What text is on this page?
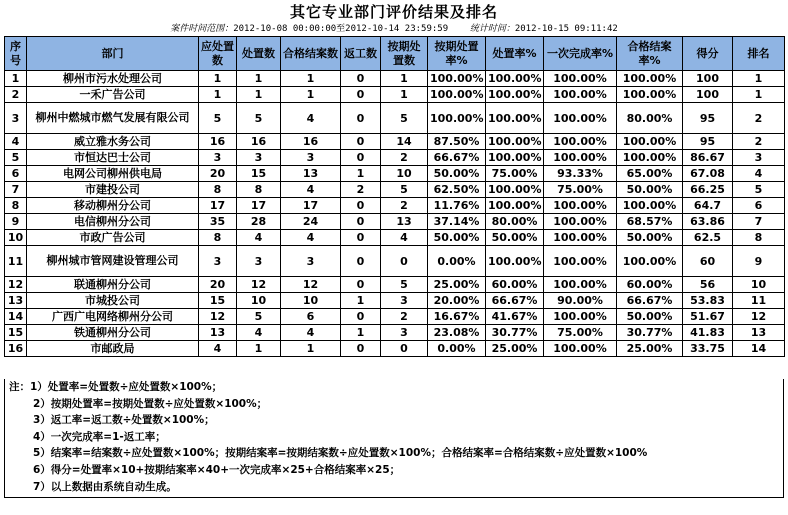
其它专业部门评价结果及排名
案件时间范围：2012-10-08 00:00:00至2012-10-14 23:59:59 统计时间：2012-10-15 09:11:42
序号	部门	应处置数	处置数	合格结案数	返工数	按期处置数	按期处置率%	处置率%	一次完成率%	合格结案率%	得分	排名
1	柳州市污水处理公司	1	1	1	0	1	100.00%	100.00%	100.00%	100.00%	100	1
2	一禾广告公司	1	1	1	0	1	100.00%	100.00%	100.00%	100.00%	100	1
3	柳州中燃城市燃气发展有限公司	5	5	4	0	5	100.00%	100.00%	100.00%	80.00%	95	2
4	威立雅水务公司	16	16	16	0	14	87.50%	100.00%	100.00%	100.00%	95	2
5	市恒达巴士公司	3	3	3	0	2	66.67%	100.00%	100.00%	100.00%	86.67	3
6	电网公司柳州供电局	20	15	13	1	10	50.00%	75.00%	93.33%	65.00%	67.08	4
7	市建投公司	8	8	4	2	5	62.50%	100.00%	75.00%	50.00%	66.25	5
8	移动柳州分公司	17	17	17	0	2	11.76%	100.00%	100.00%	100.00%	64.7	6
9	电信柳州分公司	35	28	24	0	13	37.14%	80.00%	100.00%	68.57%	63.86	7
10	市政广告公司	8	4	4	0	4	50.00%	50.00%	100.00%	50.00%	62.5	8
11	柳州城市管网建设管理公司	3	3	3	0	0	0.00%	100.00%	100.00%	100.00%	60	9
12	联通柳州分公司	20	12	12	0	5	25.00%	60.00%	100.00%	60.00%	56	10
13	市城投公司	15	10	10	1	3	20.00%	66.67%	90.00%	66.67%	53.83	11
14	广西广电网络柳州分公司	12	5	6	0	2	16.67%	41.67%	100.00%	50.00%	51.67	12
15	铁通柳州分公司	13	4	4	1	3	23.08%	30.77%	75.00%	30.77%	41.83	13
16	市邮政局	4	1	1	0	0	0.00%	25.00%	100.00%	25.00%	33.75	14
注：1）处置率=处置数÷应处置数×100%；
2）按期处置率=按期处置数÷应处置数×100%；
3）返工率=返工数÷处置数×100%；
4）一次完成率=1-返工率；
5）结案率=结案数÷应处置数×100%；按期结案率=按期结案数÷应处置数×100%；合格结案率=合格结案数÷应处置数×100%
6）得分=处置率×10+按期结案率×40+一次完成率×25+合格结案率×25；
7）以上数据由系统自动生成。
